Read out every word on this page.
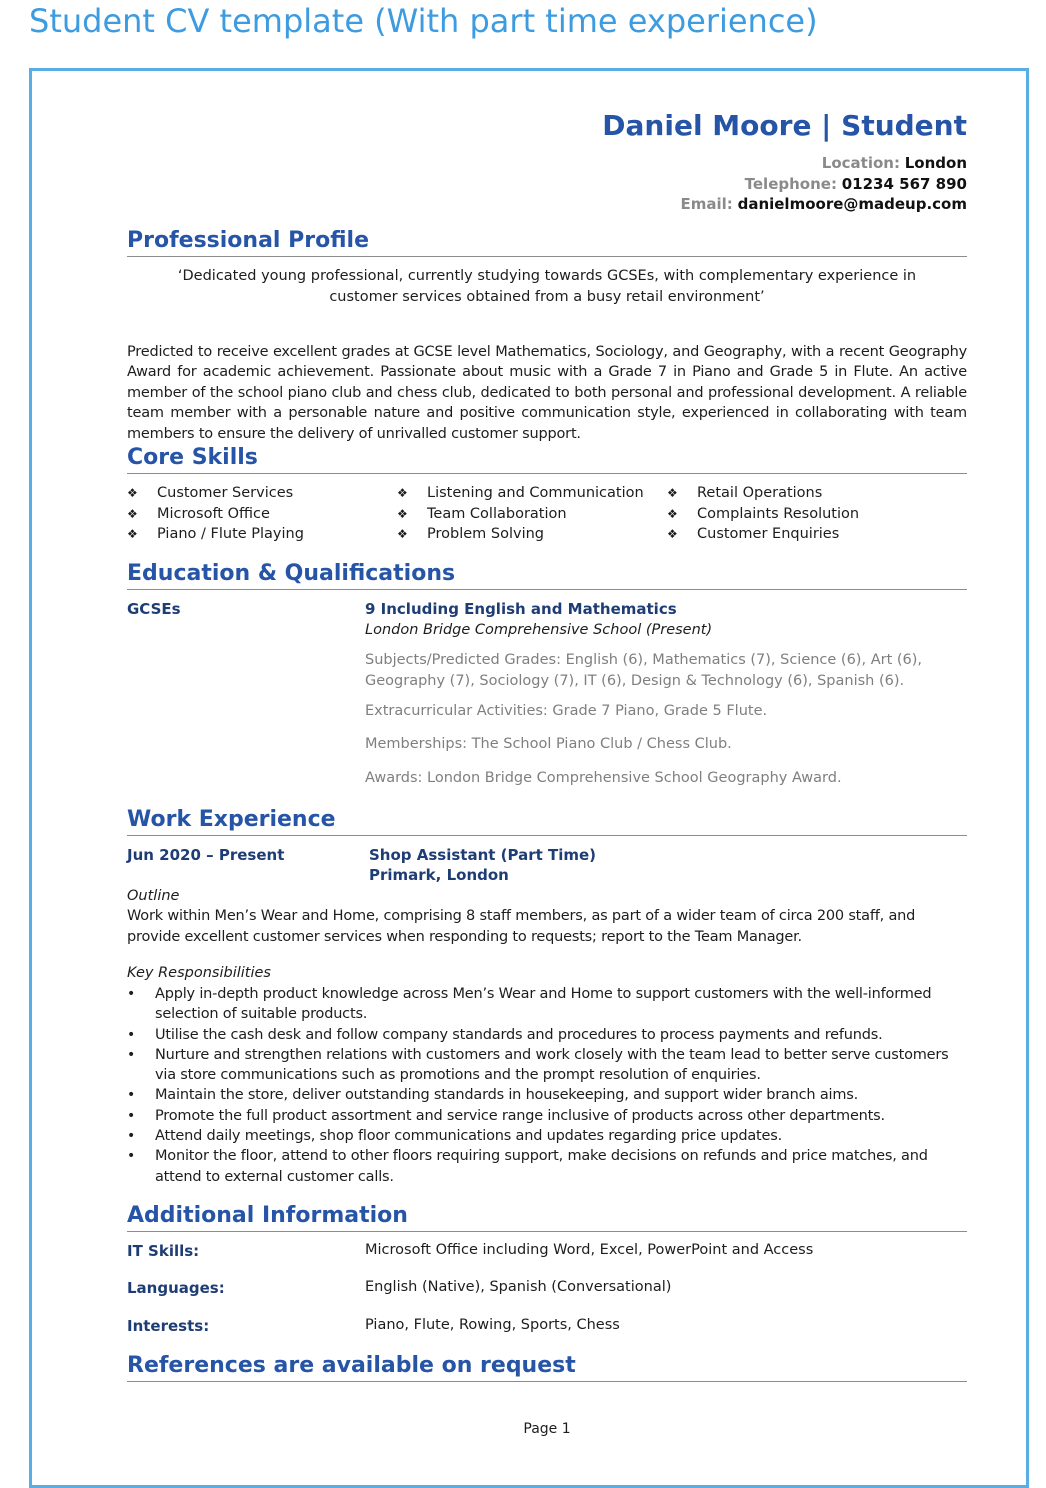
Student CV template (With part time experience)
Daniel Moore | Student
Location: London
Telephone: 01234 567 890
Email: danielmoore@madeup.com
Professional Profile
‘Dedicated young professional, currently studying towards GCSEs, with complementary experience in
customer services obtained from a busy retail environment’

Predicted to receive excellent grades at GCSE level Mathematics, Sociology, and Geography, with a recent Geography Award for academic achievement. Passionate about music with a Grade 7 in Piano and Grade 5 in Flute. An active member of the school piano club and chess club, dedicated to both personal and professional development. A reliable team member with a personable nature and positive communication style, experienced in collaborating with team members to ensure the delivery of unrivalled customer support.

Core Skills
❖ Customer Services
❖ Microsoft Office
❖ Piano / Flute Playing
❖ Listening and Communication
❖ Team Collaboration
❖ Problem Solving
❖ Retail Operations
❖ Complaints Resolution
❖ Customer Enquiries
Education & Qualifications
GCSEs	9 Including English and Mathematics
London Bridge Comprehensive School (Present)
Subjects/Predicted Grades: English (6), Mathematics (7), Science (6), Art (6), Geography (7), Sociology (7), IT (6), Design & Technology (6), Spanish (6).
Extracurricular Activities: Grade 7 Piano, Grade 5 Flute.
Memberships: The School Piano Club / Chess Club.
Awards: London Bridge Comprehensive School Geography Award.
Work Experience
Jun 2020 – Present	Shop Assistant (Part Time)
Primark, London
Outline
Work within Men’s Wear and Home, comprising 8 staff members, as part of a wider team of circa 200 staff, and provide excellent customer services when responding to requests; report to the Team Manager.
Key Responsibilities
• Apply in-depth product knowledge across Men’s Wear and Home to support customers with the well-informed selection of suitable products.
• Utilise the cash desk and follow company standards and procedures to process payments and refunds.
• Nurture and strengthen relations with customers and work closely with the team lead to better serve customers via store communications such as promotions and the prompt resolution of enquiries.
• Maintain the store, deliver outstanding standards in housekeeping, and support wider branch aims.
• Promote the full product assortment and service range inclusive of products across other departments.
• Attend daily meetings, shop floor communications and updates regarding price updates.
• Monitor the floor, attend to other floors requiring support, make decisions on refunds and price matches, and attend to external customer calls.
Additional Information
IT Skills:	Microsoft Office including Word, Excel, PowerPoint and Access
Languages:	English (Native), Spanish (Conversational)
Interests:	Piano, Flute, Rowing, Sports, Chess
References are available on request
Page 1
